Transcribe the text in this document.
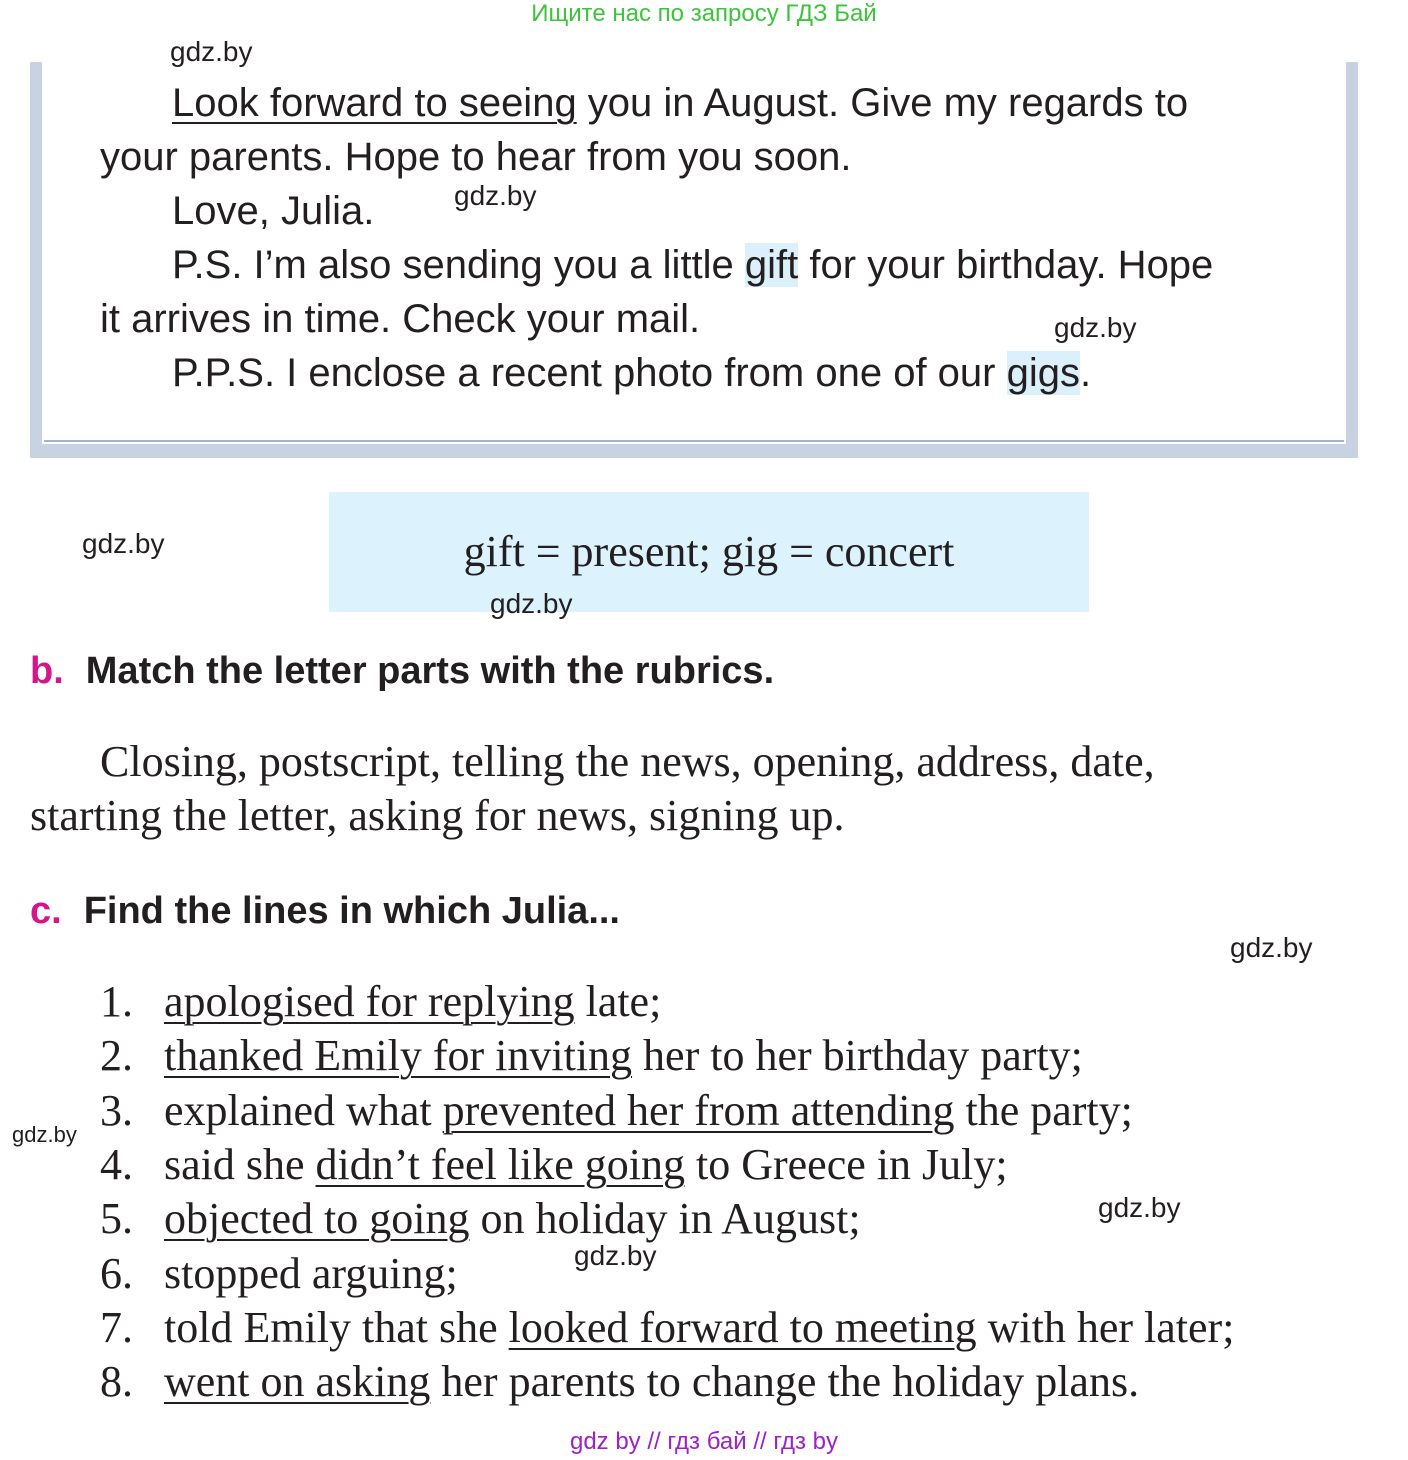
Ищите нас по запросу ГДЗ Бай
Look forward to seeing you in August. Give my regards to
your parents. Hope to hear from you soon.
Love, Julia.
P.S. I’m also sending you a little gift for your birthday. Hope
it arrives in time. Check your mail.
P.P.S. I enclose a recent photo from one of our gigs.
gift = present; gig = concert
b. Match the letter parts with the rubrics.
Closing, postscript, telling the news, opening, address, date,
starting the letter, asking for news, signing up.
c. Find the lines in which Julia...
1. apologised for replying late;
2. thanked Emily for inviting her to her birthday party;
3. explained what prevented her from attending the party;
4. said she didn’t feel like going to Greece in July;
5. objected to going on holiday in August;
6. stopped arguing;
7. told Emily that she looked forward to meeting with her later;
8. went on asking her parents to change the holiday plans.
gdz.by
gdz.by
gdz.by
gdz.by
gdz.by
gdz.by
gdz.by
gdz.by
gdz.by
gdz by // гдз бай // гдз by
